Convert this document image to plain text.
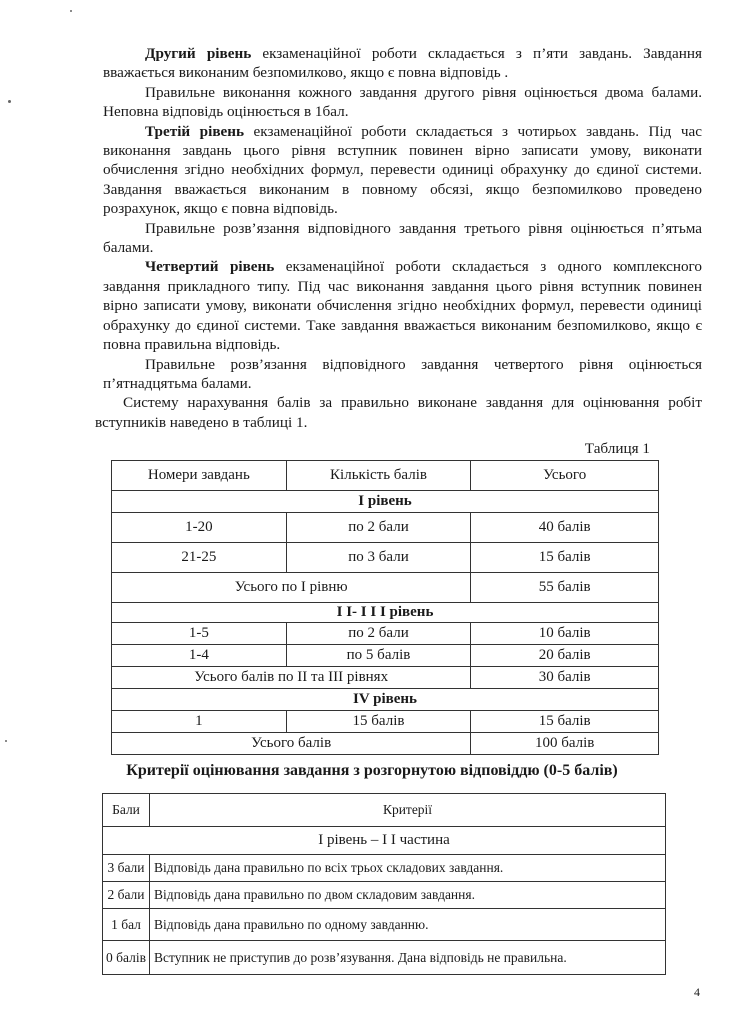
Другий рівень екзаменаційної роботи складається з п’яти завдань. Завдання вважається виконаним безпомилково, якщо є повна відповідь .

Правильне виконання кожного завдання другого рівня оцінюється двома балами. Неповна відповідь оцінюється в 1бал.

Третій рівень екзаменаційної роботи складається з чотирьох завдань. Під час виконання завдань цього рівня вступник повинен вірно записати умову, виконати обчислення згідно необхідних формул, перевести одиниці обрахунку до єдиної системи. Завдання вважається виконаним в повному обсязі, якщо безпомилково проведено розрахунок, якщо є повна відповідь.

Правильне розв’язання відповідного завдання третього рівня оцінюється п’ятьма балами.

Четвертий рівень екзаменаційної роботи складається з одного комплексного завдання прикладного типу. Під час виконання завдання цього рівня вступник повинен вірно записати умову, виконати обчислення згідно необхідних формул, перевести одиниці обрахунку до єдиної системи. Таке завдання вважається виконаним безпомилково, якщо є повна правильна відповідь.

Правильне розв’язання відповідного завдання четвертого рівня оцінюється п’ятнадцятьма балами.

Систему нарахування балів за правильно виконане завдання для оцінювання робіт вступників наведено в таблиці 1.

Таблиця 1
Номери завдань	Кількість балів	Усього
І рівень		
1-20	по 2 бали	40 балів
21-25	по 3 бали	15 балів
Усього по І рівню		55 балів
І І- І І І рівень		
1-5	по 2 бали	10 балів
1-4	по 5 балів	20 балів
Усього балів по ІІ та ІІІ рівнях		30 балів
IV рівень		
1	15 балів	15 балів
Усього балів		100 балів
Критерії оцінювання завдання з розгорнутою відповіддю (0-5 балів)
Бали	Критерії
І рівень – І І частина	
3 бали	Відповідь дана правильно по всіх трьох складових завдання.
2 бали	Відповідь дана правильно по двом складовим завдання.
1 бал	Відповідь дана правильно по одному завданню.
0 балів	Вступник не приступив до розв’язування. Дана відповідь не правильна.
4
